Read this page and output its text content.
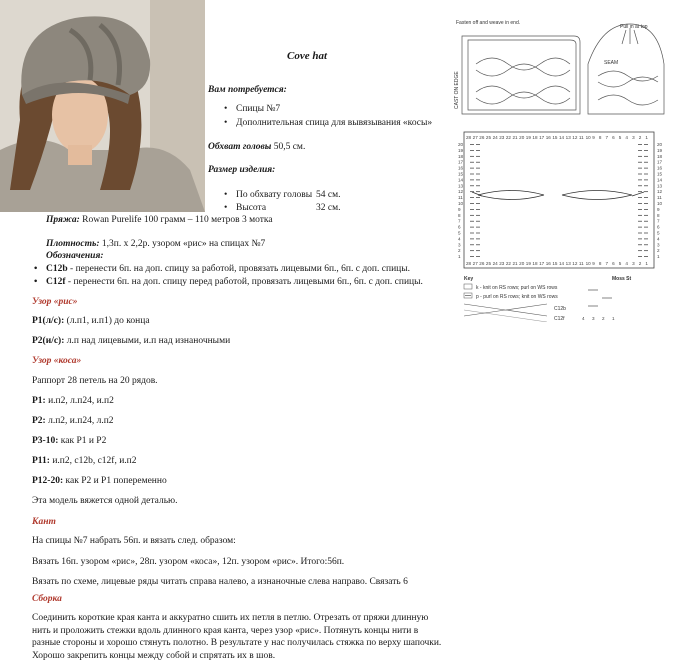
Cove hat
Вам потребуется:
• Спицы №7
• Дополнительная спица для вывязывания «косы»
Обхват головы 50,5 см.
Размер изделия:
• По обхвату головы 54 см.
• Высота	32 см.
Пряжа: Rowan Purelife 100 грамм – 110 метров 3 мотка
Плотность: 1,3п. х 2,2р. узором «рис» на спицах №7
Обозначения:
• C12b - перенести 6п. на доп. спицу за работой, провязать лицевыми 6п., 6п. с доп. спицы.
• C12f - перенести 6п. на доп. спицу перед работой, провязать лицевыми 6п., 6п. с доп. спицы.
Узор «рис»
Р1(л/с): (л.п1, и.п1) до конца
Р2(и/с): л.п над лицевыми, и.п над изнаночными
Узор «коса»
Раппорт 28 петель на 20 рядов.
Р1: и.п2, л.п24, и.п2
Р2: л.п2, и.п24, л.п2
Р3-10: как Р1 и Р2
Р11: и.п2, с12b, с12f, и.п2
Р12-20: как Р2 и Р1 попеременно
Эта модель вяжется одной деталью.
Кант
На спицы №7 набрать 56п. и вязать след. образом:
Вязать 16п. узором «рис», 28п. узором «коса», 12п. узором «рис». Итого:56п.
Вязать по схеме, лицевые ряды читать справа налево, а изнаночные слева направо. Связать 6
Сборка
Соединить короткие края канта и аккуратно сшить их петля в петлю. Отрезать от пряжи длинную нить и проложить стежки вдоль длинного края канта, через узор «рис». Потянуть концы нити в разные стороны и хорошо стянуть полотно. В результате у нас получилась стяжка по верху шапочки. Хорошо закрепить концы между собой и спрятать их в шов.
Fasten off and weave in end.
Pull in at top
SEAM
CAST ON EDGE
28 27 26 25 24 23 22 21 20 19 18 17 16 15 14 13 12 11 10 9 8 7 6 5 4 3 2 1
28 27 26 25 24 23 22 21 20 19 18 17 16 15 14 13 12 11 10 9 8 7 6 5 4 3 2 1
20	20
19	19
18	18
17	17
16	16
15	15
14	14
13	13
12	12
11	11
10	10
9	9
8	8
7	7
6	6
5	5
4	4
3	3
2	2
1	1
Key
k - knit on RS rows; purl on WS rows
p - purl on RS rows; knit on WS rows
C12b
C12f
Moss St
4 3 2 1
